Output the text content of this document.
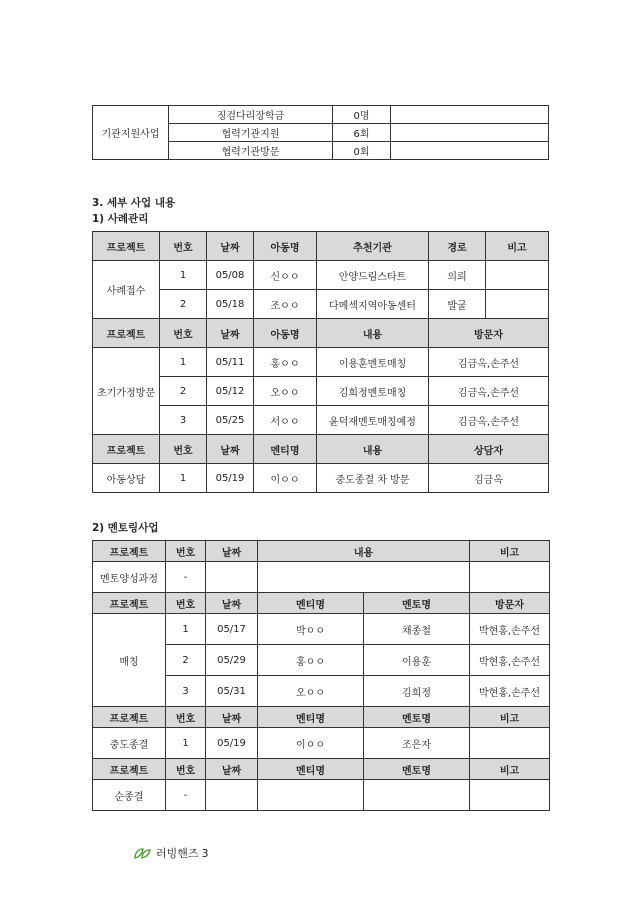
기관지원사업	징검다리장학금	0명	
	협력기관지원	6회	
	협력기관방문	0회	
3. 세부 사업 내용
1) 사례관리
프로젝트	번호	날짜	아동명	추천기관	경로	비고
사례접수	1	05/08	신ㅇㅇ	안양드림스타트	의뢰	
	2	05/18	조ㅇㅇ	다메섹지역아동센터	발굴	
프로젝트	번호	날짜	아동명	내용	방문자	
초기가정방문	1	05/11	홍ㅇㅇ	이용훈멘토매칭	김금옥,손주선	
	2	05/12	오ㅇㅇ	김희정멘토매칭	김금옥,손주선	
	3	05/25	서ㅇㅇ	윤덕재멘토매칭예정	김금옥,손주선	
프로젝트	번호	날짜	멘티명	내용	상담자	
아동상담	1	05/19	이ㅇㅇ	중도종결 차 방문	김금옥	
2) 멘토링사업
프로젝트	번호	날짜	내용		비고
멘토양성과정	-				
프로젝트	번호	날짜	멘티명	멘토명	방문자
매칭	1	05/17	박ㅇㅇ	채종철	박현홍,손주선
	2	05/29	홍ㅇㅇ	이용훈	박현홍,손주선
	3	05/31	오ㅇㅇ	김희정	박현홍,손주선
프로젝트	번호	날짜	멘티명	멘토명	비고
중도종결	1	05/19	이ㅇㅇ	조은자	
프로젝트	번호	날짜	멘티명	멘토명	비고
순종결	-				
러빙핸즈 3
